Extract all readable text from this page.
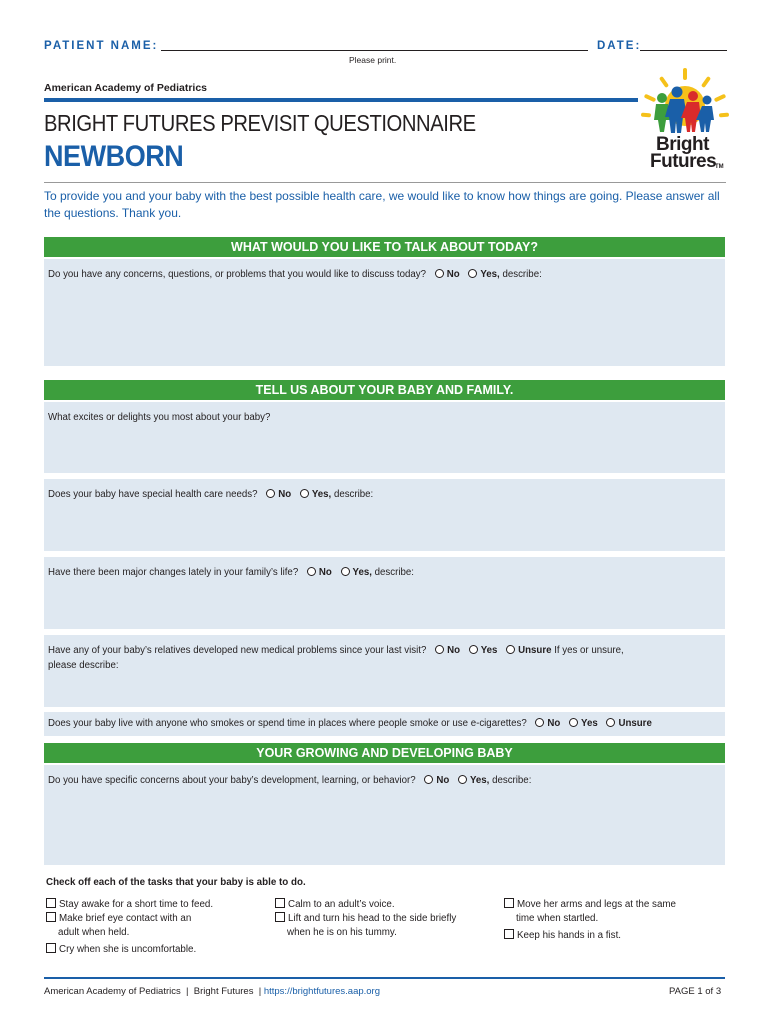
PATIENT NAME:
Please print.
DATE:
American Academy of Pediatrics
BRIGHT FUTURES PREVISIT QUESTIONNAIRE
NEWBORN	Bright
Futures
TM
To provide you and your baby with the best possible health care, we would like to know how things are going. Please answer all the questions. Thank you.
WHAT WOULD YOU LIKE TO TALK ABOUT TODAY?
Do you have any concerns, questions, or problems that you would like to discuss today? No Yes, describe:
TELL US ABOUT YOUR BABY AND FAMILY.
What excites or delights you most about your baby?
Does your baby have special health care needs? No Yes, describe:
Have there been major changes lately in your family’s life? No Yes, describe:
Have any of your baby’s relatives developed new medical problems since your last visit? No Yes Unsure If yes or unsure,
please describe:
Does your baby live with anyone who smokes or spend time in places where people smoke or use e-cigarettes? No Yes Unsure
YOUR GROWING AND DEVELOPING BABY
Do you have specific concerns about your baby’s development, learning, or behavior? No Yes, describe:
Check off each of the tasks that your baby is able to do.
Stay awake for a short time to feed.
Make brief eye contact with an
adult when held.
Cry when she is uncomfortable.
Calm to an adult’s voice.
Lift and turn his head to the side briefly
when he is on his tummy.
Move her arms and legs at the same
time when startled.
Keep his hands in a fist.
American Academy of Pediatrics  |  Bright Futures  | https://brightfutures.aap.org	PAGE 1 of 3
